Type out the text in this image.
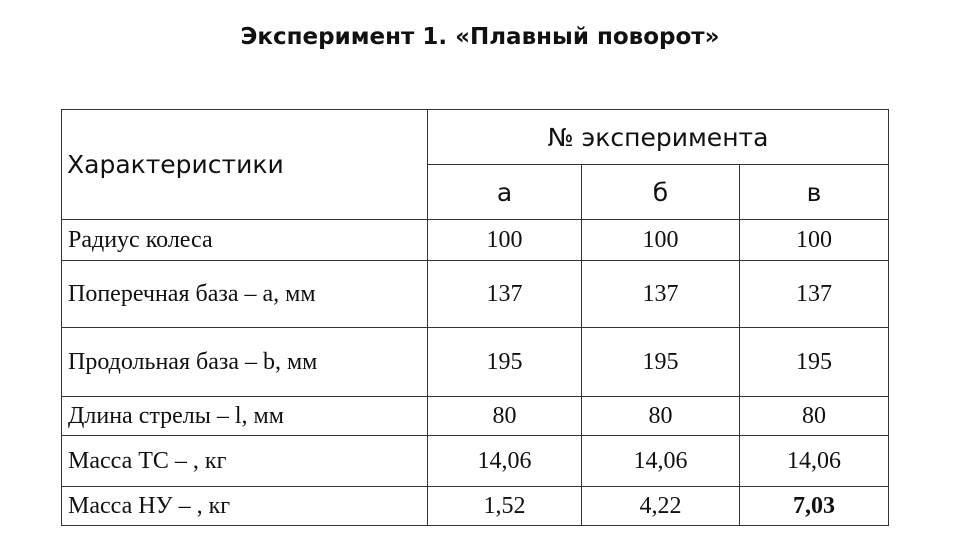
Эксперимент 1. «Плавный поворот»
Характеристики	№ эксперимента		
	а	б	в
Радиус колеса	100	100	100
Поперечная база – a, мм	137	137	137
Продольная база – b, мм	195	195	195
Длина стрелы – l, мм	80	80	80
Масса ТС – , кг	14,06	14,06	14,06
Масса НУ – , кг	1,52	4,22	7,03
